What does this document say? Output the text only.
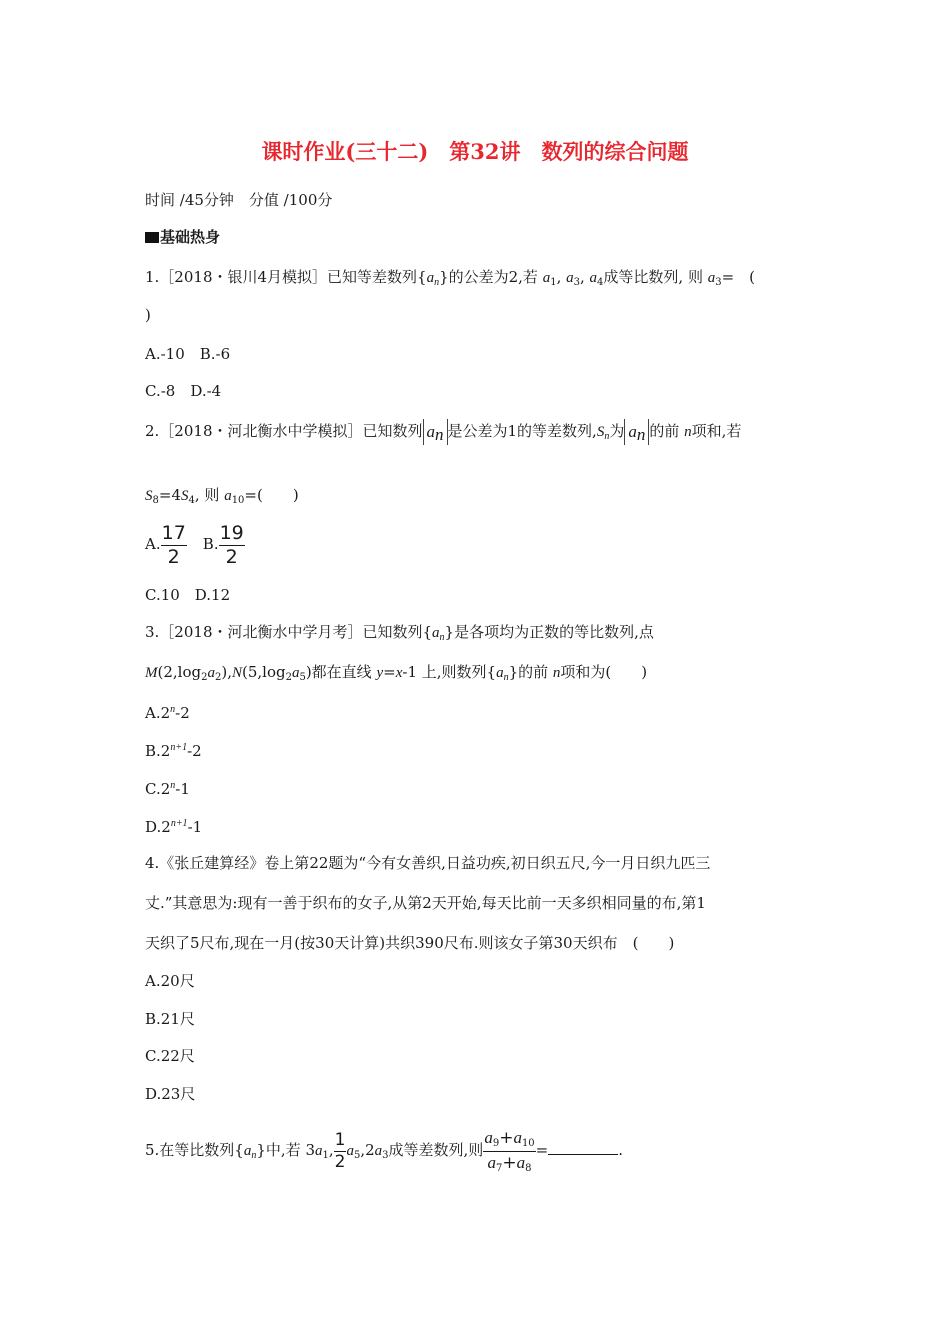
课时作业(三十二)　第32讲　数列的综合问题
时间 /45分钟　分值 /100分
基础热身
1.［2018・银川4月模拟］已知等差数列$\{a_n\}$的公差为2,若 $a_1$, $a_3$, $a_4$成等比数列, 则 $a_3=$　(
)
A.-10　B.-6
C.-8　D.-4
2.［2018・河北衡水中学模拟］已知数列 an 是公差为1的等差数列$,S_n$为 an 的前 n项和,若
$S_8=4S_4$, 则 $a_{10}=$(　　)
A. $\frac{17}{2} B$. $\frac{19}{2}$
C.10　D.12
3.［2018・河北衡水中学月考］已知数列$\{a_n\}$是各项均为正数的等比数列,点
$M(2,\log_2a_2),N(5,\log_2a_5)$都在直线 y=x-1 上,则数列$\{a_n\}$的前 n项和为(　　)
A.2$^n$-2
$B.2^{n+1}-2$
C.2$^n$-1
$D.2^{n+1}-1$
4.《张丘建算经》卷上第22题为“今有女善织,日益功疾,初日织五尺,今一月日织九匹三
丈.”其意思为:现有一善于织布的女子,从第2天开始,每天比前一天多织相同量的布,第1
天织了5尺布,现在一月(按30天计算)共织390尺布.则该女子第30天织布　(　　)
A.20尺
B.21尺
C.22尺
D.23尺
5.在等比数列$\{a_n\}$中,若 $3a_1$, $\frac{1}{2} a_5,2a_3$成等差数列,则 $\frac{a_9+a_{10}}{a_7+a_8}$ =	.
